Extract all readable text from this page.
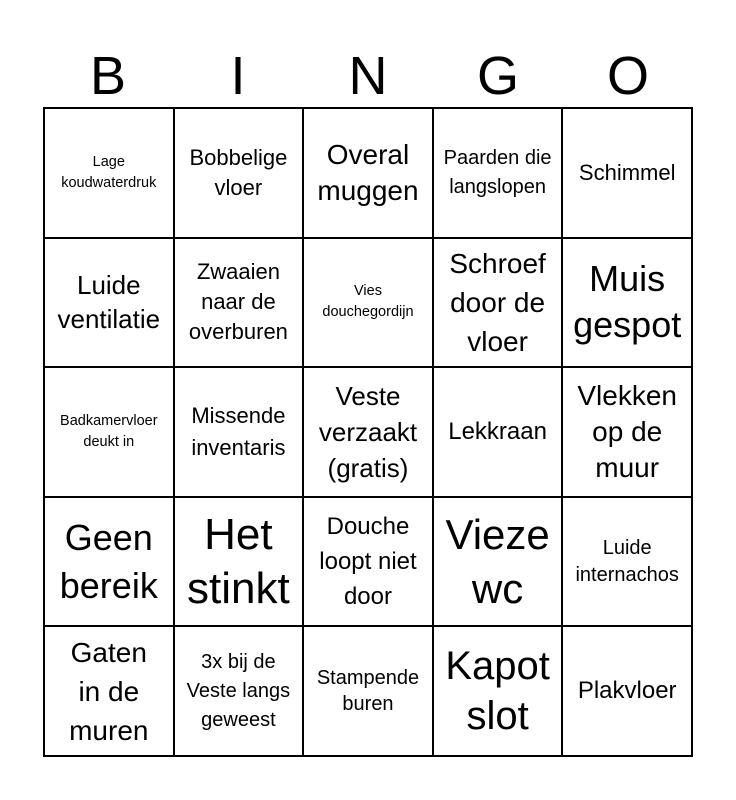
B	I	N	G	O
Lage koudwaterdruk
Bobbelige vloer
Overal muggen
Paarden die langslopen
Schimmel
Luide ventilatie
Zwaaien naar de overburen
Vies douchegordijn
Schroef door de vloer
Muis gespot
Badkamervloer deukt in
Missende inventaris
Veste verzaakt (gratis)
Lekkraan
Vlekken op de muur
Geen bereik
Het stinkt
Douche loopt niet door
Vieze wc
Luide internachos
Gaten in de muren
3x bij de Veste langs geweest
Stampende buren
Kapot slot
Plakvloer
